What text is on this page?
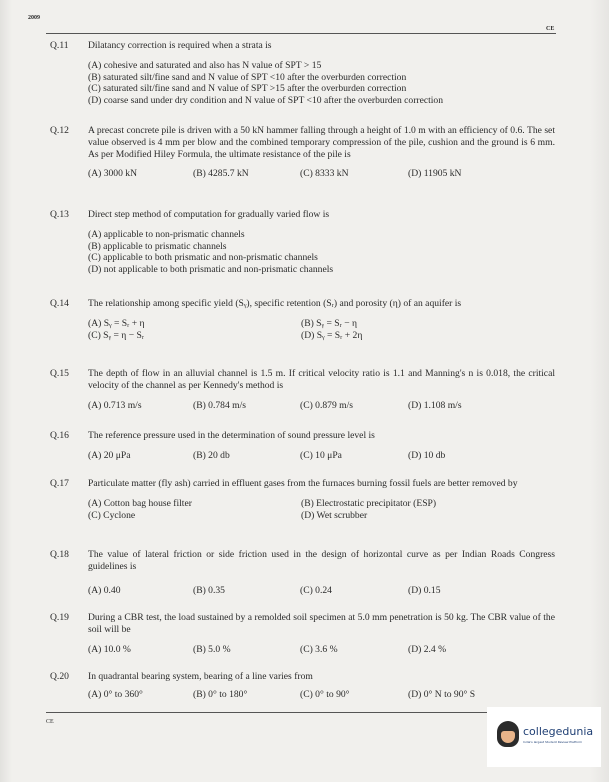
2009
CE
Q.11 Dilatancy correction is required when a strata is
(A) cohesive and saturated and also has N value of SPT > 15
(B) saturated silt/fine sand and N value of SPT <10 after the overburden correction
(C) saturated silt/fine sand and N value of SPT >15 after the overburden correction
(D) coarse sand under dry condition and N value of SPT <10 after the overburden correction
Q.12 A precast concrete pile is driven with a 50 kN hammer falling through a height of 1.0 m with an efficiency of 0.6. The set value observed is 4 mm per blow and the combined temporary compression of the pile, cushion and the ground is 6 mm. As per Modified Hiley Formula, the ultimate resistance of the pile is
(A) 3000 kN	(B) 4285.7 kN	(C) 8333 kN	(D) 11905 kN
Q.13 Direct step method of computation for gradually varied flow is
(A) applicable to non-prismatic channels
(B) applicable to prismatic channels
(C) applicable to both prismatic and non-prismatic channels
(D) not applicable to both prismatic and non-prismatic channels
Q.14 The relationship among specific yield (Sᵧ), specific retention (Sᵣ) and porosity (η) of an aquifer is
(A) Sᵧ = Sᵣ + η	(B) Sᵧ = Sᵣ − η
(C) Sᵧ = η − Sᵣ	(D) Sᵧ = Sᵣ + 2η
Q.15 The depth of flow in an alluvial channel is 1.5 m. If critical velocity ratio is 1.1 and Manning's n is 0.018, the critical velocity of the channel as per Kennedy's method is
(A) 0.713 m/s	(B) 0.784 m/s	(C) 0.879 m/s	(D) 1.108 m/s
Q.16 The reference pressure used in the determination of sound pressure level is
(A) 20 μPa	(B) 20 db	(C) 10 μPa	(D) 10 db
Q.17 Particulate matter (fly ash) carried in effluent gases from the furnaces burning fossil fuels are better removed by
(A) Cotton bag house filter	(B) Electrostatic precipitator (ESP)
(C) Cyclone	(D) Wet scrubber
Q.18 The value of lateral friction or side friction used in the design of horizontal curve as per Indian Roads Congress guidelines is
(A) 0.40	(B) 0.35	(C) 0.24	(D) 0.15
Q.19 During a CBR test, the load sustained by a remolded soil specimen at 5.0 mm penetration is 50 kg. The CBR value of the soil will be
(A) 10.0 %	(B) 5.0 %	(C) 3.6 %	(D) 2.4 %
Q.20 In quadrantal bearing system, bearing of a line varies from
(A) 0° to 360°	(B) 0° to 180°	(C) 0° to 90°	(D) 0° N to 90° S
CE
collegedunia
India's largest Student Review Platform
